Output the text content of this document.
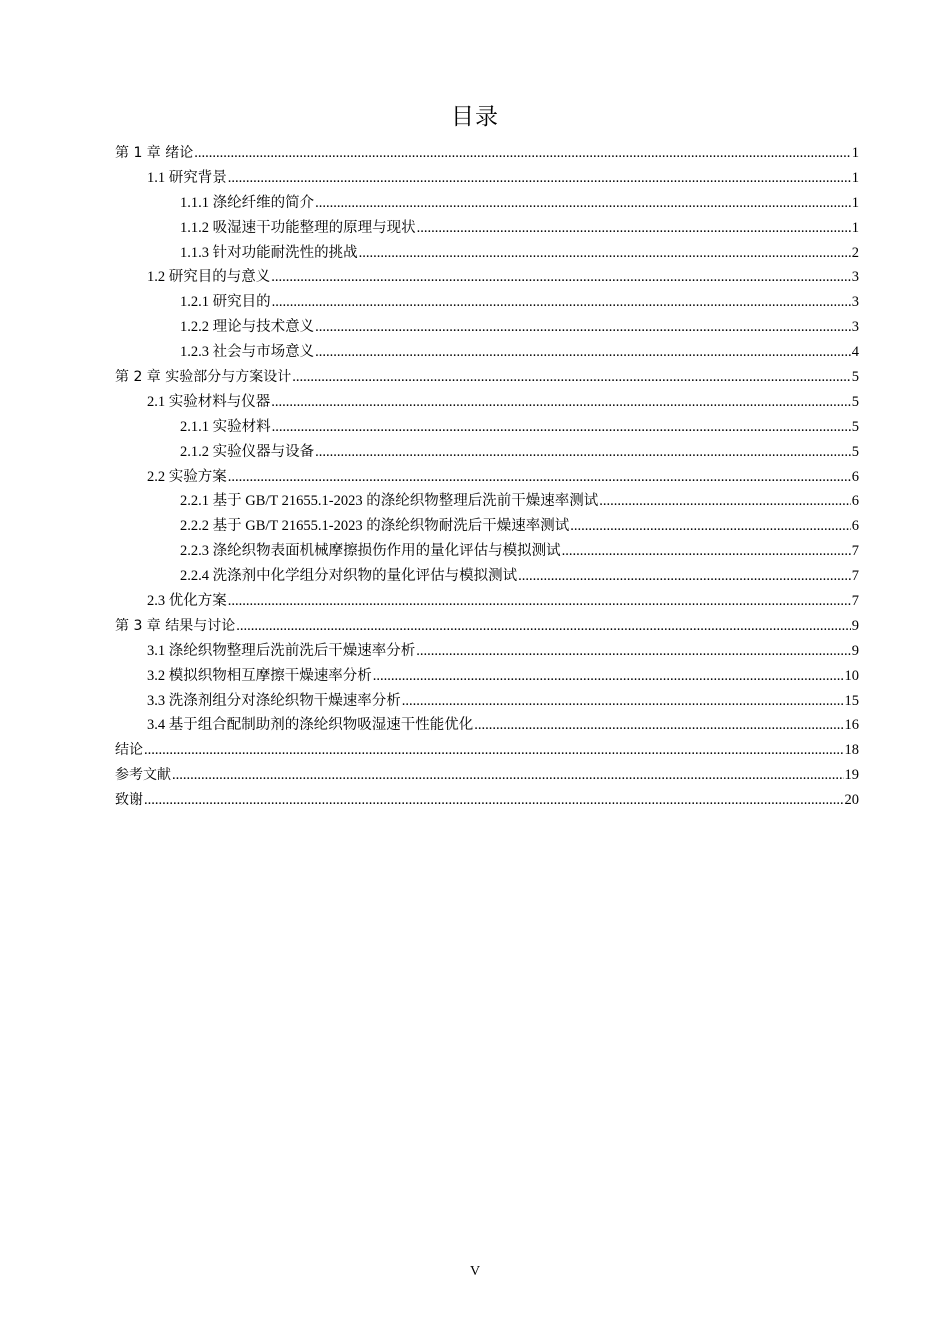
目录
第 1 章 绪论 .....	1
1.1 研究背景 .....	1
1.1.1 涤纶纤维的简介 .....	1
1.1.2 吸湿速干功能整理的原理与现状 .....	1
1.1.3 针对功能耐洗性的挑战 .....	2
1.2 研究目的与意义 .....	3
1.2.1 研究目的 .....	3
1.2.2 理论与技术意义 .....	3
1.2.3 社会与市场意义 .....	4
第 2 章 实验部分与方案设计 .....	5
2.1 实验材料与仪器 .....	5
2.1.1 实验材料 .....	5
2.1.2 实验仪器与设备 .....	5
2.2 实验方案 .....	6
2.2.1 基于 GB/T 21655.1-2023 的涤纶织物整理后洗前干燥速率测试 .....	6
2.2.2 基于 GB/T 21655.1-2023 的涤纶织物耐洗后干燥速率测试 .....	6
2.2.3 涤纶织物表面机械摩擦损伤作用的量化评估与模拟测试 .....	7
2.2.4 洗涤剂中化学组分对织物的量化评估与模拟测试 .....	7
2.3 优化方案 .....	7
第 3 章 结果与讨论 .....	9
3.1 涤纶织物整理后洗前洗后干燥速率分析 .....	9
3.2 模拟织物相互摩擦干燥速率分析 .....	10
3.3 洗涤剂组分对涤纶织物干燥速率分析 .....	15
3.4 基于组合配制助剂的涤纶织物吸湿速干性能优化 .....	16
结论 .....	18
参考文献 .....	19
致谢 .....	20
V
